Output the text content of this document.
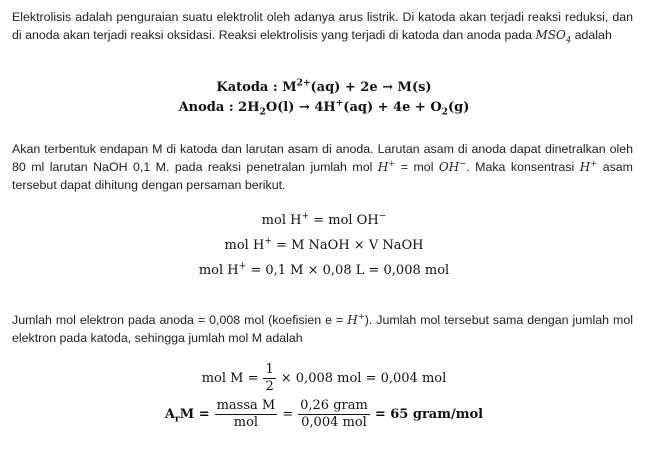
Elektrolisis adalah penguraian suatu elektrolit oleh adanya arus listrik. Di katoda akan terjadi reaksi reduksi, dan di anoda akan terjadi reaksi oksidasi. Reaksi elektrolisis yang terjadi di katoda dan anoda pada $MSO_4$ adalah
Katoda : $M^{2+}(aq) + 2e \to M(s)$
Anoda : $2H_2O(l) \to 4H^+(aq) + 4e + O_2(g)$
Akan terbentuk endapan M di katoda dan larutan asam di anoda. Larutan asam di anoda dapat dinetralkan oleh 80 ml larutan NaOH 0,1 M. pada reaksi penetralan jumlah mol H+ = mol OH−. Maka konsentrasi H+ asam tersebut dapat dihitung dengan persaman berikut.
mol H+ = mol OH−
mol H+ = M NaOH × V NaOH
mol H+ = 0,1 M × 0,08 L = 0,008 mol
Jumlah mol elektron pada anoda = 0,008 mol (koefisien e = H+). Jumlah mol tersebut sama dengan jumlah mol elektron pada katoda, sehingga jumlah mol M adalah
mol $M = \frac{1}{2} \times 0,008$ mol = 0,004 mol
$A_rM = \frac{\text{massa M}}{\text{mol}} = \frac{\text{0,26 gram}}{\text{0,004 mol}} = 65$ gram/mol
